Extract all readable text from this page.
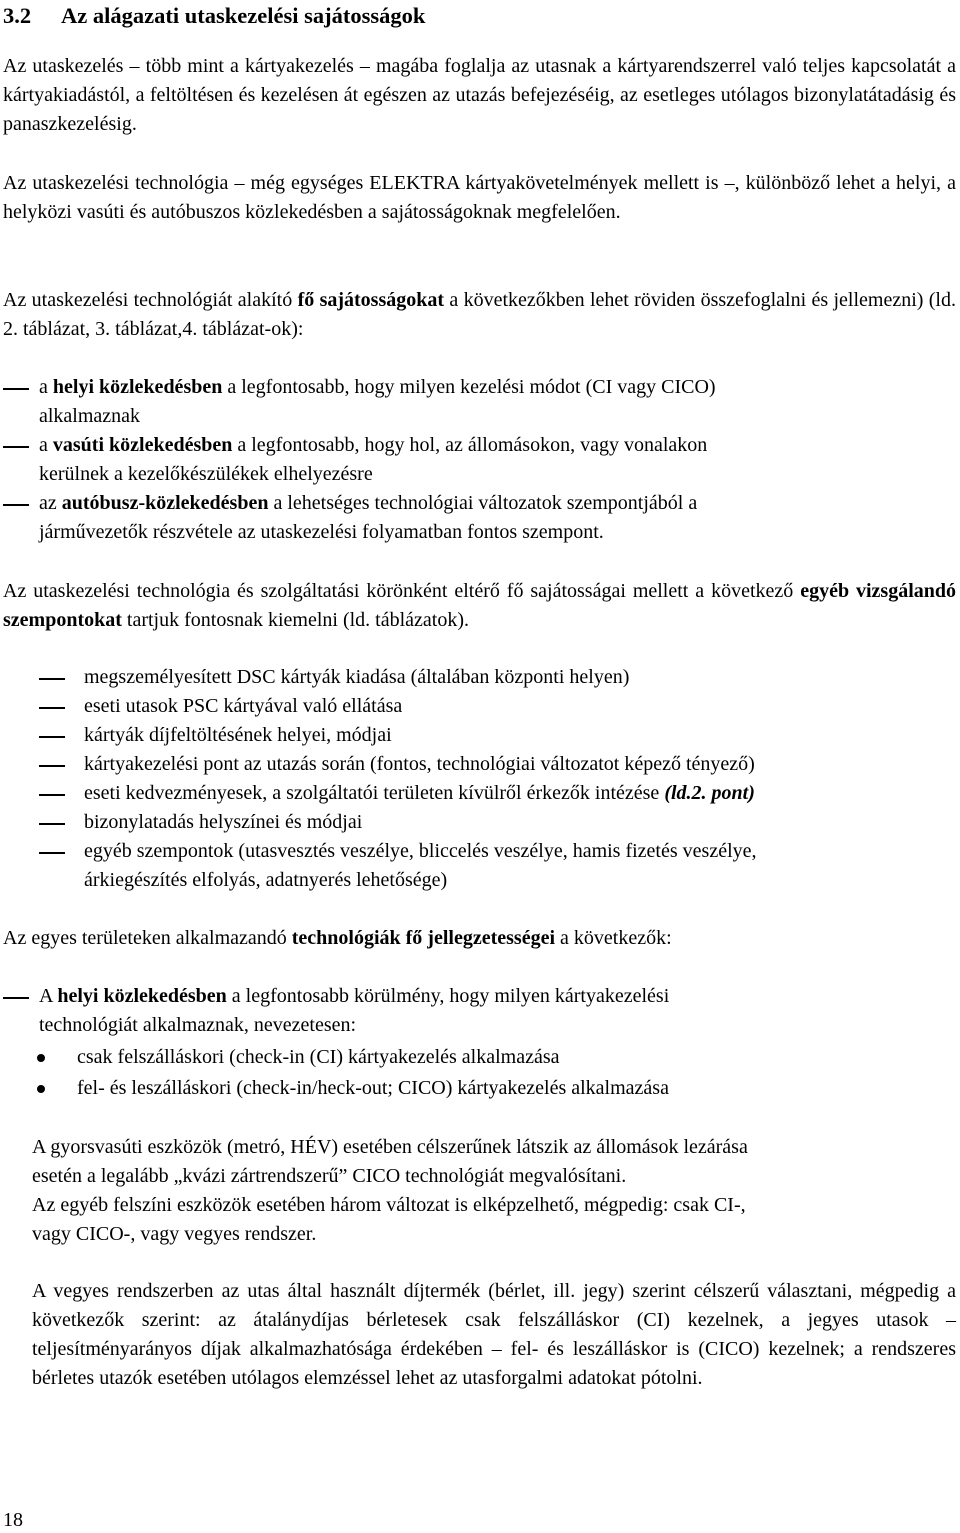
3.2 Az alágazati utaskezelési sajátosságok
Az utaskezelés – több mint a kártyakezelés – magába foglalja az utasnak a kártyarendszerrel való teljes kapcsolatát a kártyakiadástól, a feltöltésen és kezelésen át egészen az utazás befejezéséig, az esetleges utólagos bizonylatátadásig és panaszkezelésig.
Az utaskezelési technológia – még egységes ELEKTRA kártyakövetelmények mellett is –, különböző lehet a helyi, a helyközi vasúti és autóbuszos közlekedésben a sajátosságoknak megfelelően.
Az utaskezelési technológiát alakító fő sajátosságokat a következőkben lehet röviden összefoglalni és jellemezni) (ld. 2. táblázat, 3. táblázat,4. táblázat-ok):
a helyi közlekedésben a legfontosabb, hogy milyen kezelési módot (CI vagy CICO)
alkalmaznak
a vasúti közlekedésben a legfontosabb, hogy hol, az állomásokon, vagy vonalakon
kerülnek a kezelőkészülékek elhelyezésre
az autóbusz-közlekedésben a lehetséges technológiai változatok szempontjából a
járművezetők részvétele az utaskezelési folyamatban fontos szempont.
Az utaskezelési technológia és szolgáltatási körönként eltérő fő sajátosságai mellett a következő egyéb vizsgálandó szempontokat tartjuk fontosnak kiemelni (ld. táblázatok).
megszemélyesített DSC kártyák kiadása (általában központi helyen)
eseti utasok PSC kártyával való ellátása
kártyák díjfeltöltésének helyei, módjai
kártyakezelési pont az utazás során (fontos, technológiai változatot képező tényező)
eseti kedvezményesek, a szolgáltatói területen kívülről érkezők intézése (ld.2. pont)
bizonylatadás helyszínei és módjai
egyéb szempontok (utasvesztés veszélye, bliccelés veszélye, hamis fizetés veszélye,
árkiegészítés elfolyás, adatnyerés lehetősége)
Az egyes területeken alkalmazandó technológiák fő jellegzetességei a következők:
A helyi közlekedésben a legfontosabb körülmény, hogy milyen kártyakezelési
technológiát alkalmaznak, nevezetesen:
csak felszálláskori (check-in (CI) kártyakezelés alkalmazása
fel- és leszálláskori (check-in/heck-out; CICO) kártyakezelés alkalmazása
A gyorsvasúti eszközök (metró, HÉV) esetében célszerűnek látszik az állomások lezárása
esetén a legalább „kvázi zártrendszerű” CICO technológiát megvalósítani.
Az egyéb felszíni eszközök esetében három változat is elképzelhető, mégpedig: csak CI-,
vagy CICO-, vagy vegyes rendszer.
A vegyes rendszerben az utas által használt díjtermék (bérlet, ill. jegy) szerint célszerű választani, mégpedig a következők szerint: az átalánydíjas bérletesek csak felszálláskor (CI) kezelnek, a jegyes utasok – teljesítményarányos díjak alkalmazhatósága érdekében – fel- és leszálláskor is (CICO) kezelnek; a rendszeres bérletes utazók esetében utólagos elemzéssel lehet az utasforgalmi adatokat pótolni.
18
